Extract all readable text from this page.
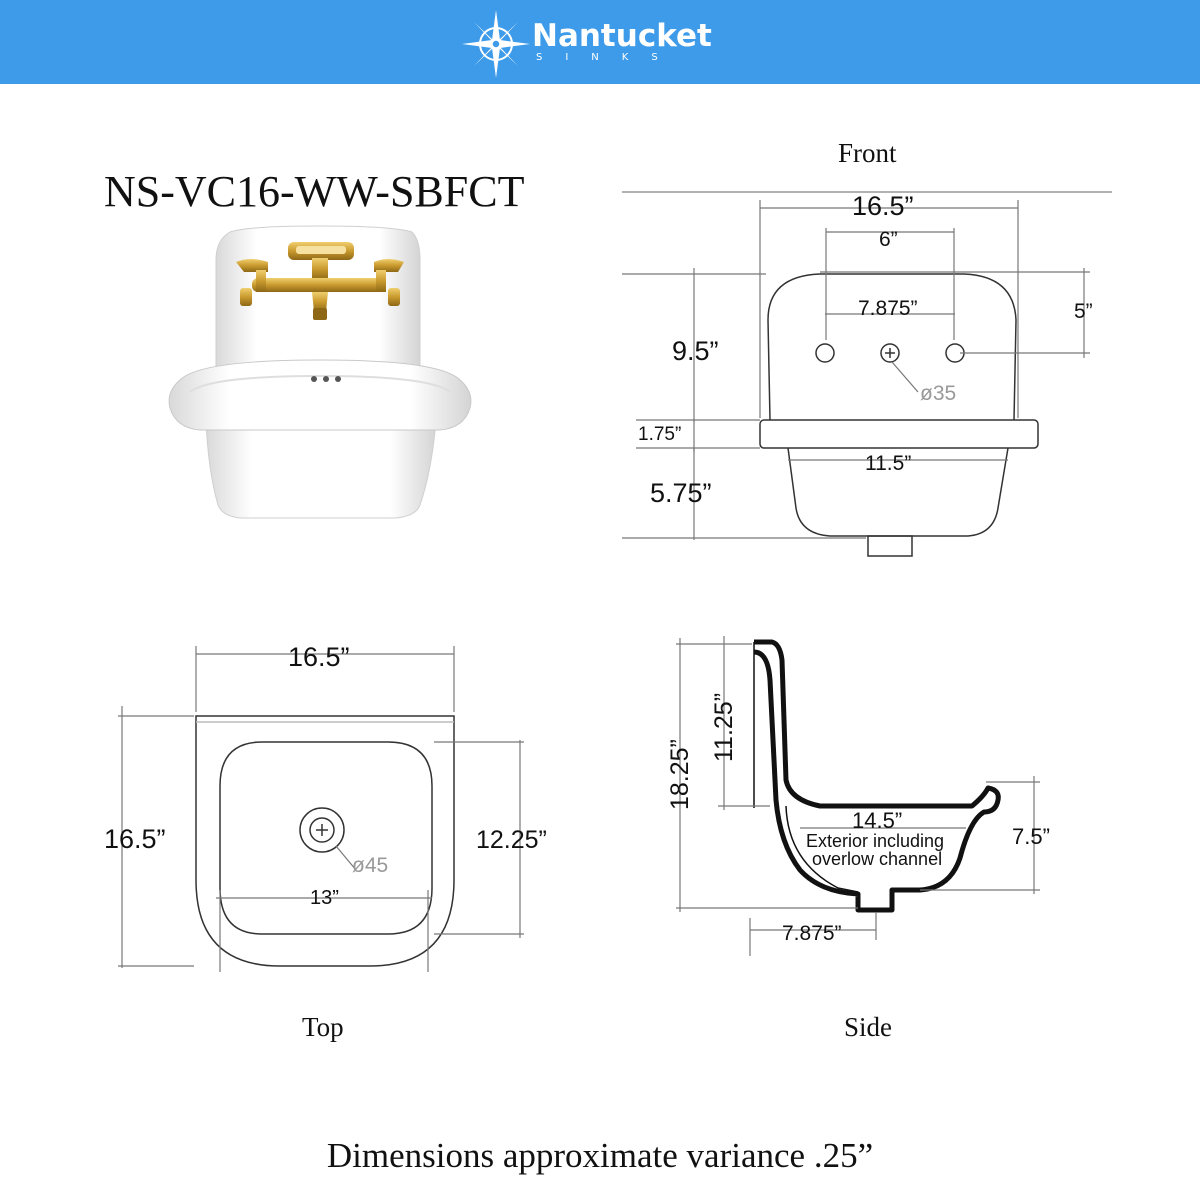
Nantucket
SINKS
NS-VC16-WW-SBFCT
Front
16.5”
6”
7.875”	5”
9.5”
1.75”
5.75”
11.5”
ø35
Top
16.5”
16.5”	12.25”
13”
ø45
Side
14.5”
Exterior including
overlow channel
7.5”
7.875”
18.25”
11.25”
Dimensions approximate variance .25”
